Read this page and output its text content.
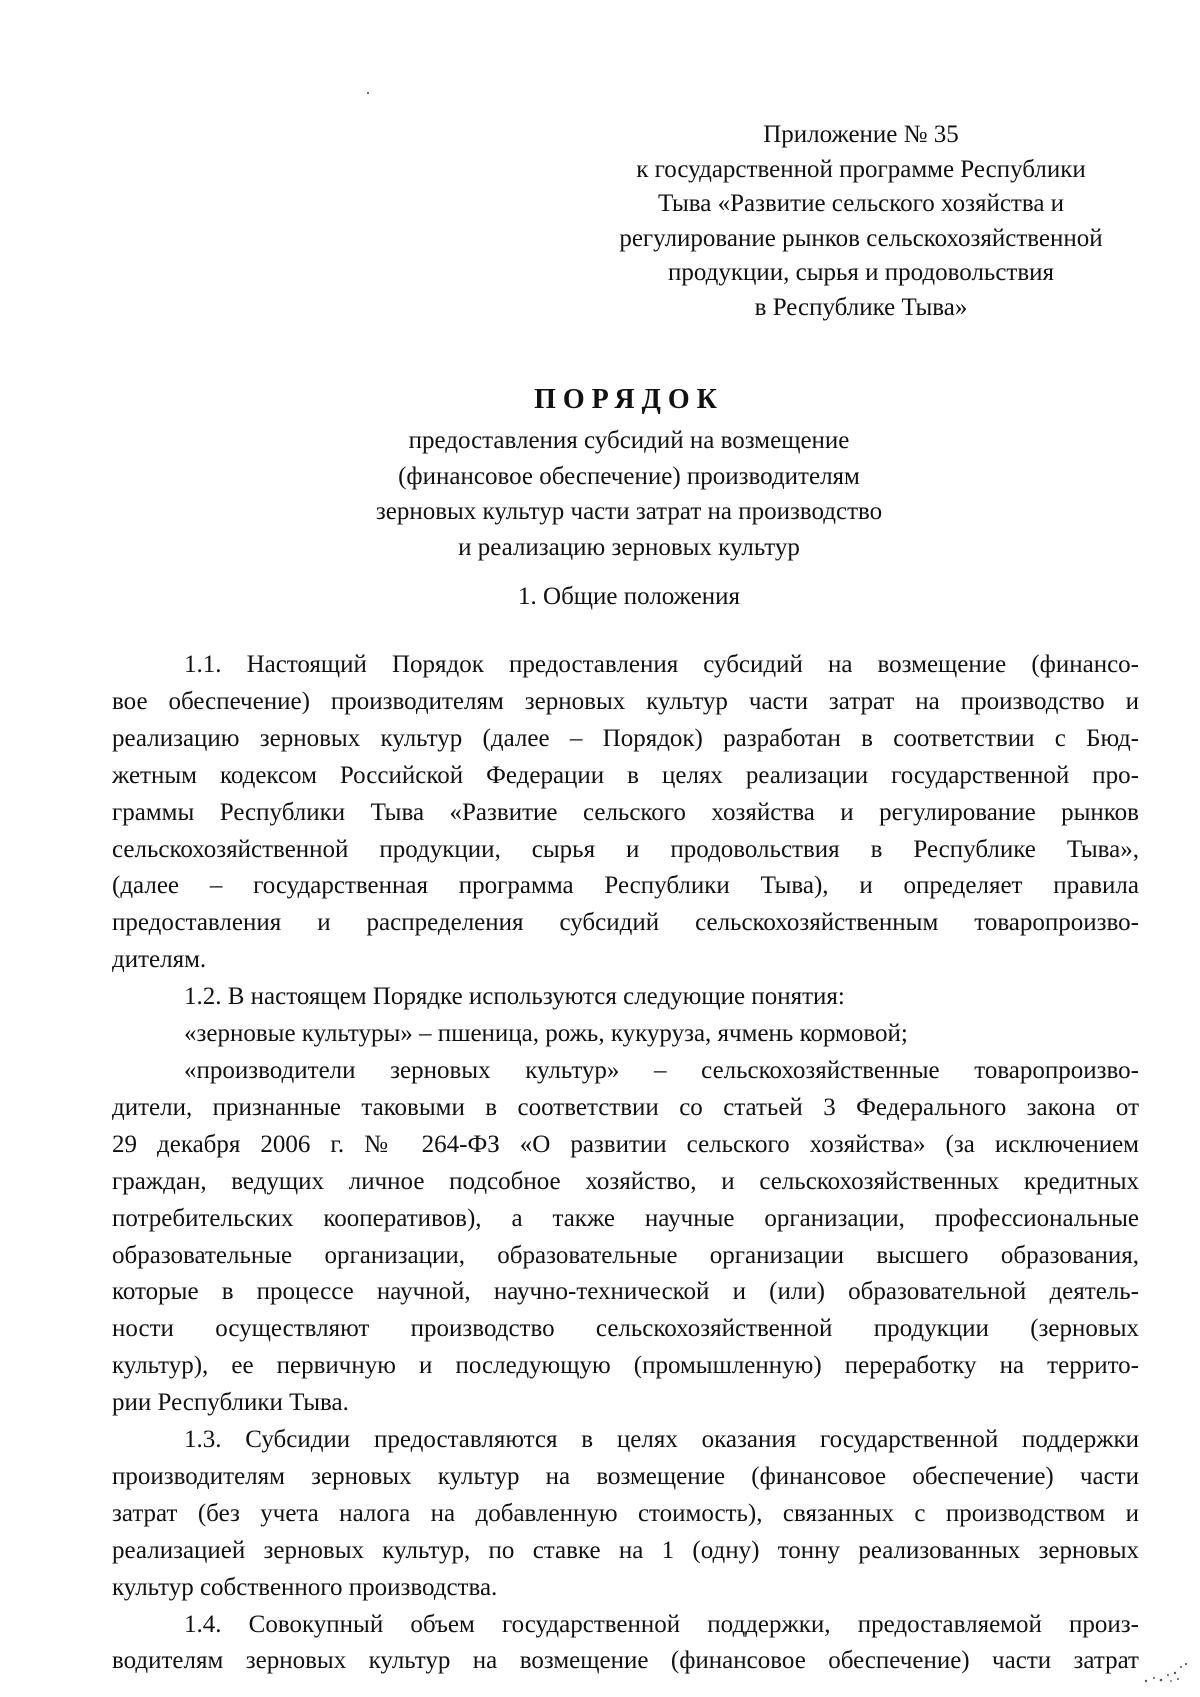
Приложение № 35
к государственной программе Республики
Тыва «Развитие сельского хозяйства и
регулирование рынков сельскохозяйственной
продукции, сырья и продовольствия
в Республике Тыва»
ПОРЯДОК
предоставления субсидий на возмещение
(финансовое обеспечение) производителям
зерновых культур части затрат на производство
и реализацию зерновых культур
1. Общие положения
1.1. Настоящий Порядок предоставления субсидий на возмещение (финансо-
вое обеспечение) производителям зерновых культур части затрат на производство и
реализацию зерновых культур (далее – Порядок) разработан в соответствии с Бюд-
жетным кодексом Российской Федерации в целях реализации государственной про-
граммы Республики Тыва «Развитие сельского хозяйства и регулирование рынков
сельскохозяйственной продукции, сырья и продовольствия в Республике Тыва»,
(далее – государственная программа Республики Тыва), и определяет правила
предоставления и распределения субсидий сельскохозяйственным товаропроизво-
дителям.
1.2. В настоящем Порядке используются следующие понятия:
«зерновые культуры» – пшеница, рожь, кукуруза, ячмень кормовой;
«производители зерновых культур» – сельскохозяйственные товаропроизво-
дители, признанные таковыми в соответствии со статьей 3 Федерального закона от
29 декабря 2006 г. № 264-ФЗ «О развитии сельского хозяйства» (за исключением
граждан, ведущих личное подсобное хозяйство, и сельскохозяйственных кредитных
потребительских кооперативов), а также научные организации, профессиональные
образовательные организации, образовательные организации высшего образования,
которые в процессе научной, научно-технической и (или) образовательной деятель-
ности осуществляют производство сельскохозяйственной продукции (зерновых
культур), ее первичную и последующую (промышленную) переработку на террито-
рии Республики Тыва.
1.3. Субсидии предоставляются в целях оказания государственной поддержки
производителям зерновых культур на возмещение (финансовое обеспечение) части
затрат (без учета налога на добавленную стоимость), связанных с производством и
реализацией зерновых культур, по ставке на 1 (одну) тонну реализованных зерновых
культур собственного производства.
1.4. Совокупный объем государственной поддержки, предоставляемой произ-
водителям зерновых культур на возмещение (финансовое обеспечение) части затрат
